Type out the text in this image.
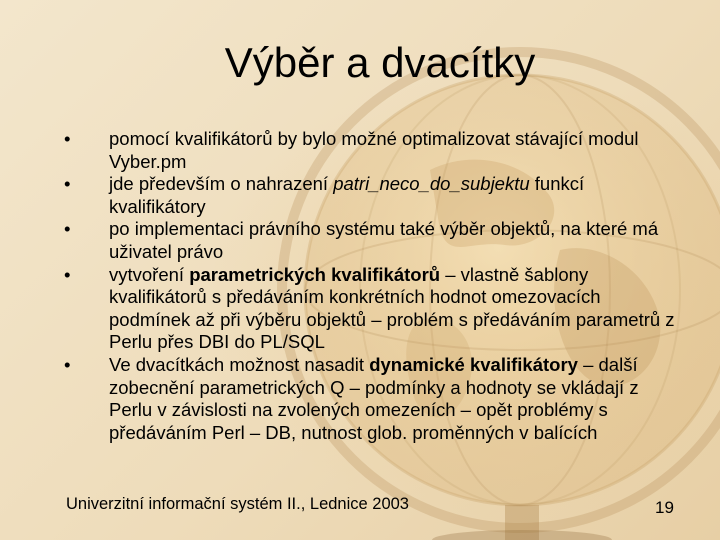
Výběr a dvacítky
• pomocí kvalifikátorů by bylo možné optimalizovat stávající modul Vyber.pm
• jde především o nahrazení patri_neco_do_subjektu funkcí kvalifikátory
• po implementaci právního systému také výběr objektů, na které má uživatel právo
• vytvoření parametrických kvalifikátorů – vlastně šablony kvalifikátorů s předáváním konkrétních hodnot omezovacích podmínek až při výběru objektů – problém s předáváním parametrů z Perlu přes DBI do PL/SQL
• Ve dvacítkách možnost nasadit dynamické kvalifikátory – další zobecnění parametrických Q – podmínky a hodnoty se vkládají z Perlu v závislosti na zvolených omezeních – opět problémy s předáváním Perl – DB, nutnost glob. proměnných v balících
Univerzitní informační systém II., Lednice 2003	19
